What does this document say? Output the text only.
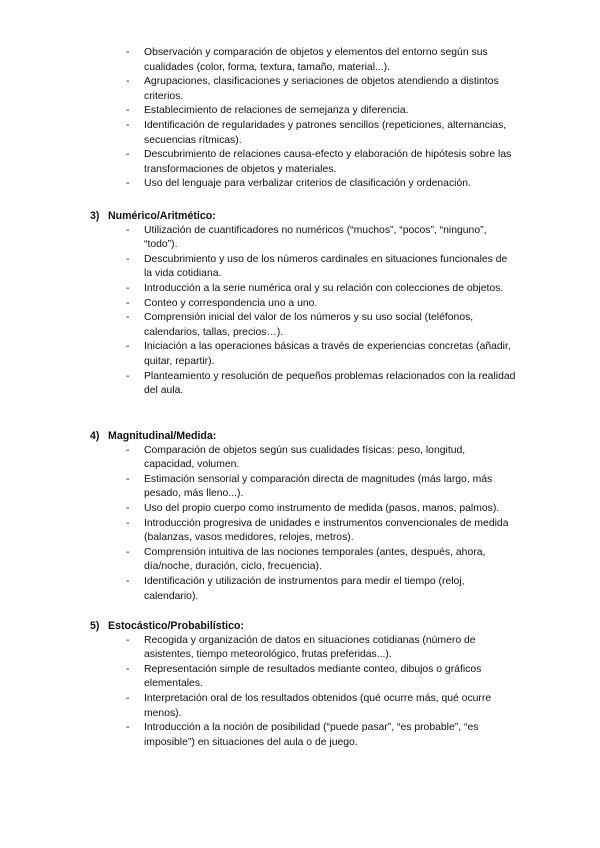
- Observación y comparación de objetos y elementos del entorno según sus cualidades (color, forma, textura, tamaño, material...).
- Agrupaciones, clasificaciones y seriaciones de objetos atendiendo a distintos criterios.
- Establecimiento de relaciones de semejanza y diferencia.
- Identificación de regularidades y patrones sencillos (repeticiones, alternancias, secuencias rítmicas).
- Descubrimiento de relaciones causa-efecto y elaboración de hipótesis sobre las transformaciones de objetos y materiales.
- Uso del lenguaje para verbalizar criterios de clasificación y ordenación.
3) Numérico/Aritmético:
- Utilización de cuantificadores no numéricos (“muchos”, “pocos”, “ninguno”, “todo”).
- Descubrimiento y uso de los números cardinales en situaciones funcionales de la vida cotidiana.
- Introducción a la serie numérica oral y su relación con colecciones de objetos.
- Conteo y correspondencia uno a uno.
- Comprensión inicial del valor de los números y su uso social (teléfonos, calendarios, tallas, precios…).
- Iniciación a las operaciones básicas a través de experiencias concretas (añadir, quitar, repartir).
- Planteamiento y resolución de pequeños problemas relacionados con la realidad del aula.
4) Magnitudinal/Medida:
- Comparación de objetos según sus cualidades físicas: peso, longitud, capacidad, volumen.
- Estimación sensorial y comparación directa de magnitudes (más largo, más pesado, más lleno...).
- Uso del propio cuerpo como instrumento de medida (pasos, manos, palmos).
- Introducción progresiva de unidades e instrumentos convencionales de medida (balanzas, vasos medidores, relojes, metros).
- Comprensión intuitiva de las nociones temporales (antes, después, ahora, día/noche, duración, ciclo, frecuencia).
- Identificación y utilización de instrumentos para medir el tiempo (reloj, calendario).
5) Estocástico/Probabilístico:
- Recogida y organización de datos en situaciones cotidianas (número de asistentes, tiempo meteorológico, frutas preferidas...).
- Representación simple de resultados mediante conteo, dibujos o gráficos elementales.
- Interpretación oral de los resultados obtenidos (qué ocurre más, qué ocurre menos).
- Introducción a la noción de posibilidad (“puede pasar”, “es probable”, “es imposible”) en situaciones del aula o de juego.
